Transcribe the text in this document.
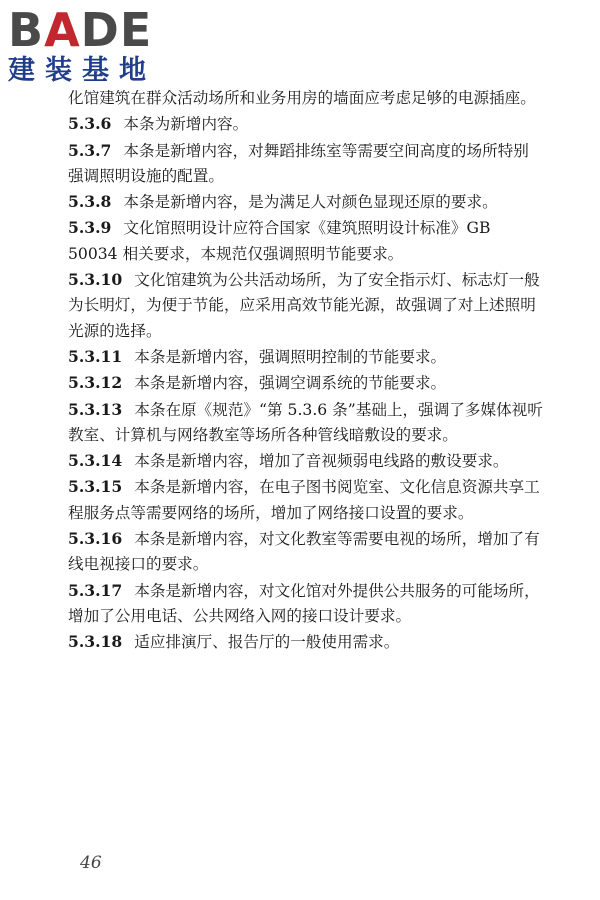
BADE
建装基地

化馆建筑在群众活动场所和业务用房的墙面应考虑足够的电源插座。

5.3.6 本条为新增内容。

5.3.7 本条是新增内容，对舞蹈排练室等需要空间高度的场所特别强调照明设施的配置。

5.3.8 本条是新增内容，是为满足人对颜色显现还原的要求。

5.3.9 文化馆照明设计应符合国家《建筑照明设计标准》GB 50034 相关要求，本规范仅强调照明节能要求。

5.3.10 文化馆建筑为公共活动场所，为了安全指示灯、标志灯一般为长明灯，为便于节能，应采用高效节能光源，故强调了对上述照明光源的选择。

5.3.11 本条是新增内容，强调照明控制的节能要求。

5.3.12 本条是新增内容，强调空调系统的节能要求。

5.3.13 本条在原《规范》“第 5.3.6 条”基础上，强调了多媒体视听教室、计算机与网络教室等场所各种管线暗敷设的要求。

5.3.14 本条是新增内容，增加了音视频弱电线路的敷设要求。

5.3.15 本条是新增内容，在电子图书阅览室、文化信息资源共享工程服务点等需要网络的场所，增加了网络接口设置的要求。

5.3.16 本条是新增内容，对文化教室等需要电视的场所，增加了有线电视接口的要求。

5.3.17 本条是新增内容，对文化馆对外提供公共服务的可能场所，增加了公用电话、公共网络入网的接口设计要求。

5.3.18 适应排演厅、报告厅的一般使用需求。

46
